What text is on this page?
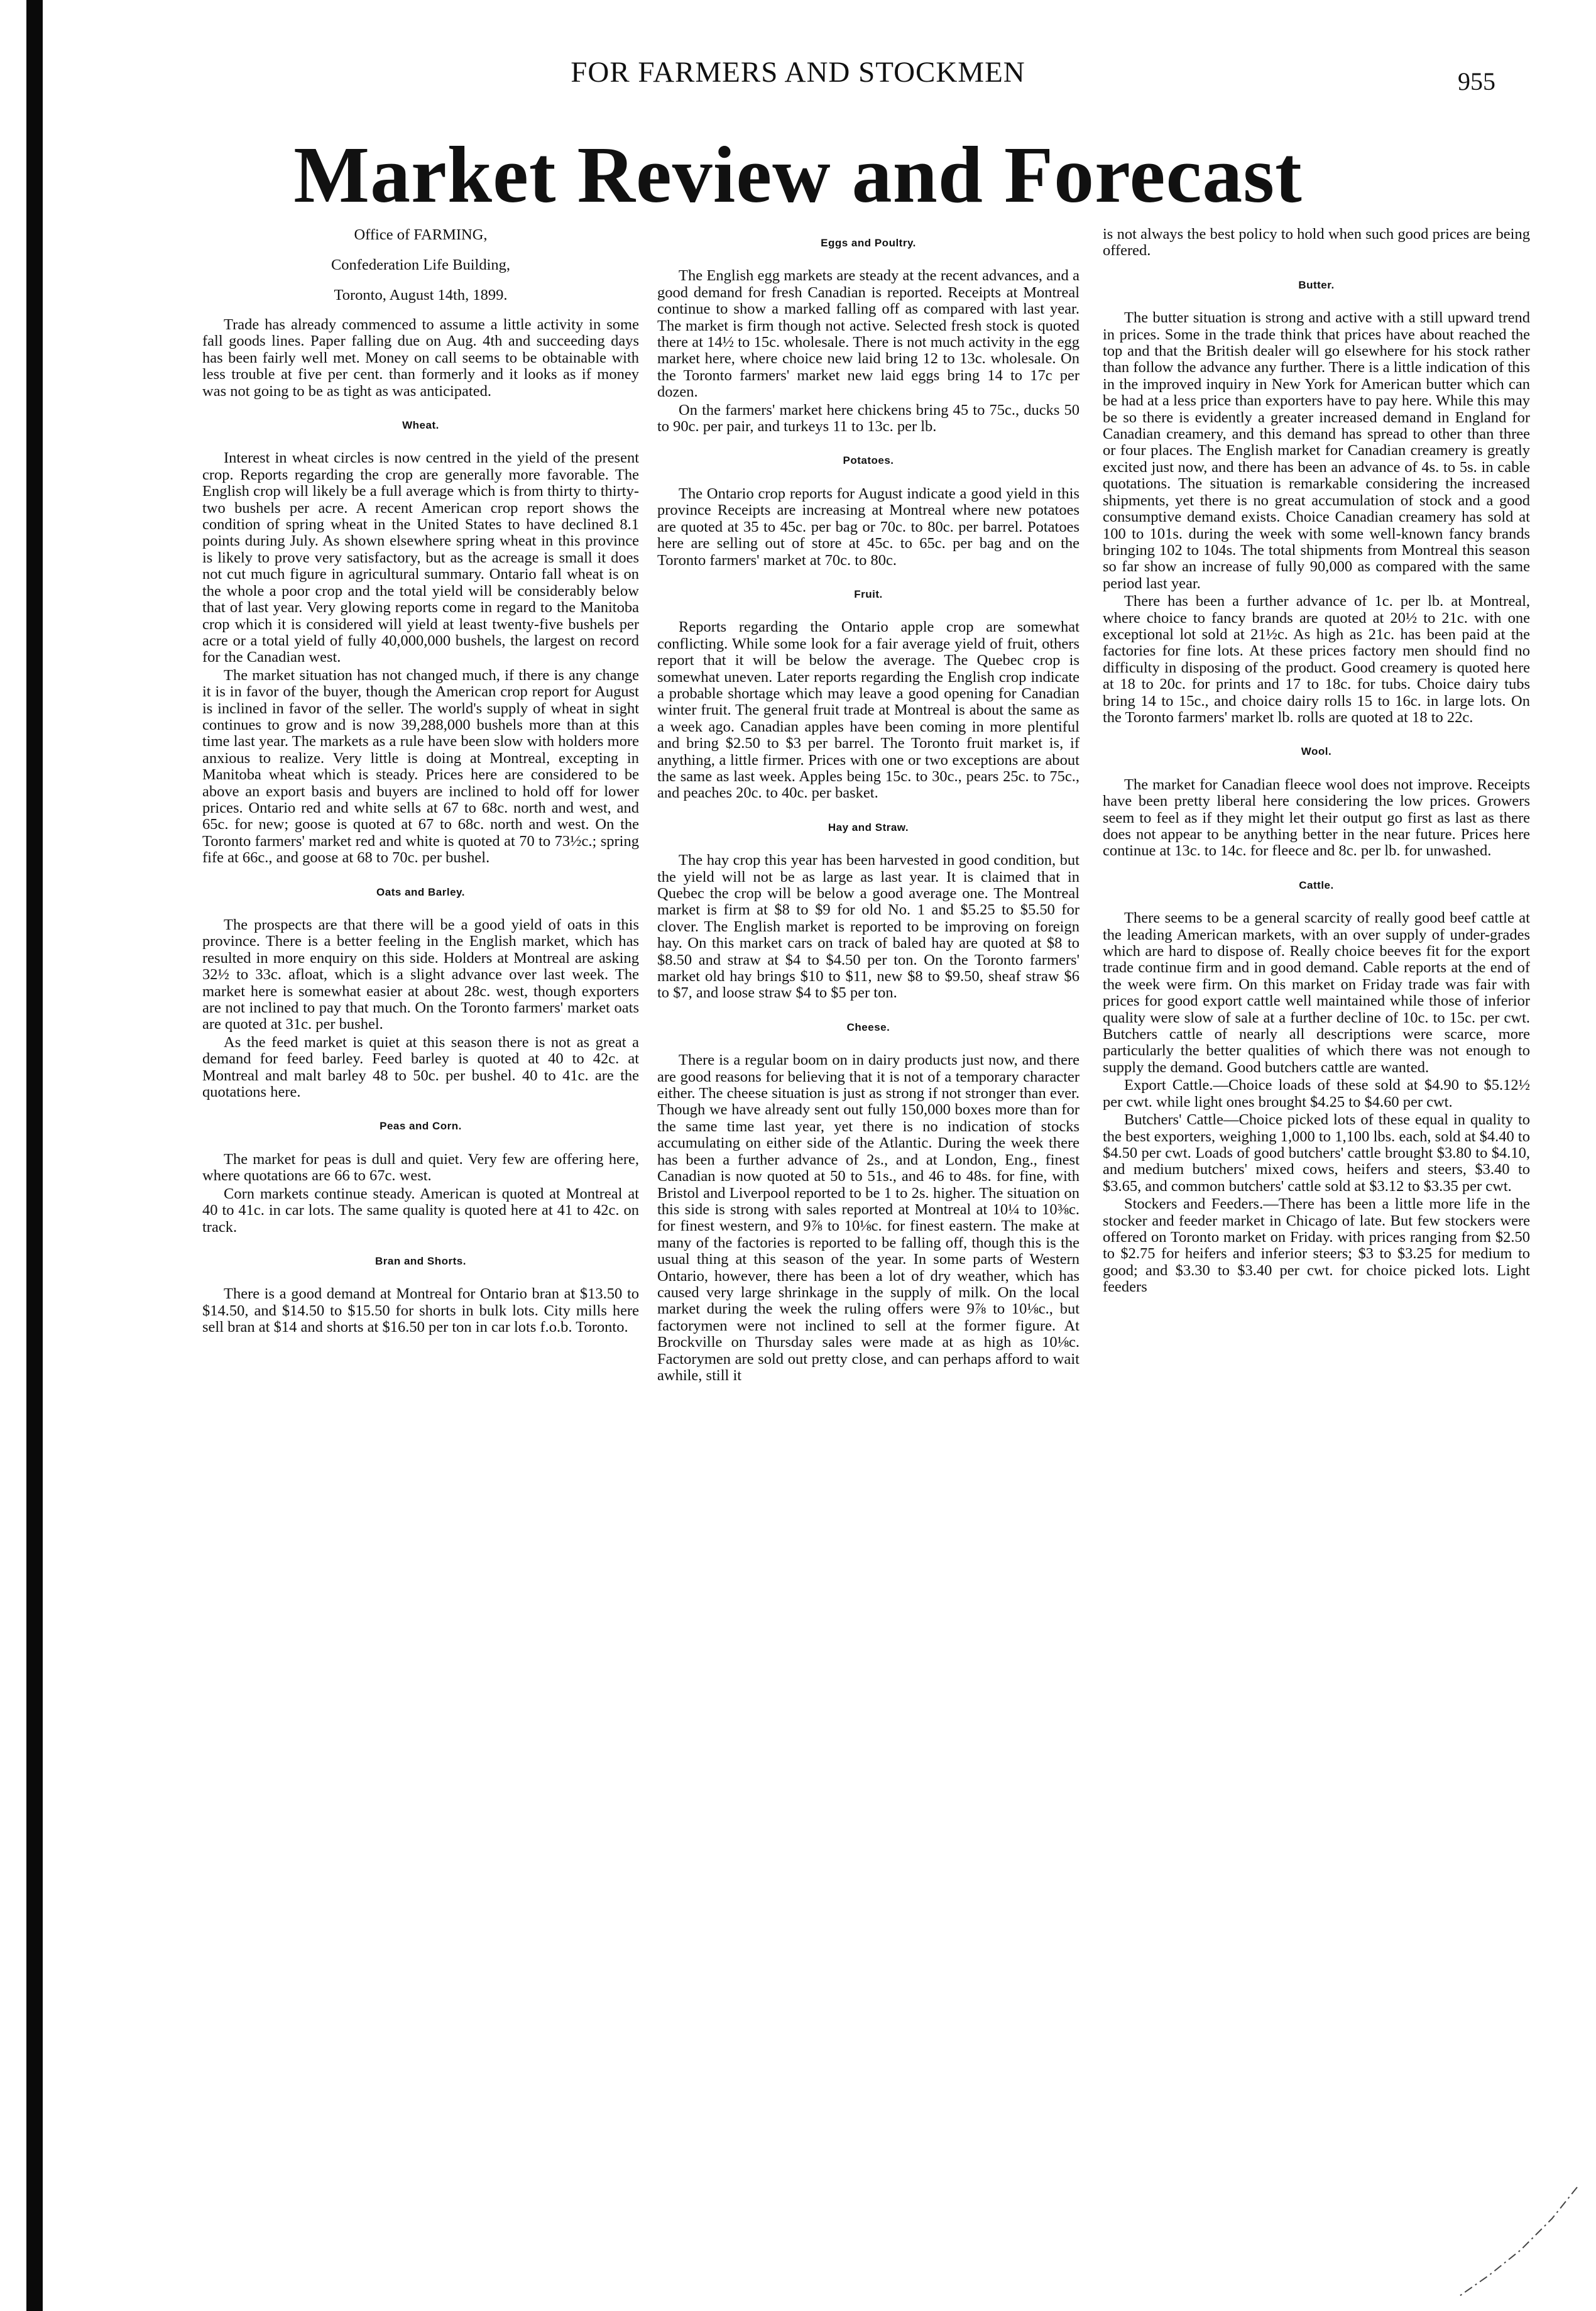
FOR FARMERS AND STOCKMEN	955
Market Review and Forecast
Office of FARMING,
Confederation Life Building,
Toronto, August 14th, 1899.

Trade has already commenced to assume a little activity in some fall goods lines. Paper falling due on Aug. 4th and succeeding days has been fairly well met. Money on call seems to be obtainable with less trouble at five per cent. than formerly and it looks as if money was not going to be as tight as was anticipated.

Wheat.

Interest in wheat circles is now centred in the yield of the present crop. Reports regarding the crop are generally more favorable. The English crop will likely be a full average which is from thirty to thirty-two bushels per acre. A recent American crop report shows the condition of spring wheat in the United States to have declined 8.1 points during July. As shown elsewhere spring wheat in this province is likely to prove very satisfactory, but as the acreage is small it does not cut much figure in agricultural summary. Ontario fall wheat is on the whole a poor crop and the total yield will be considerably below that of last year. Very glowing reports come in regard to the Manitoba crop which it is considered will yield at least twenty-five bushels per acre or a total yield of fully 40,000,000 bushels, the largest on record for the Canadian west.

The market situation has not changed much, if there is any change it is in favor of the buyer, though the American crop report for August is inclined in favor of the seller. The world's supply of wheat in sight continues to grow and is now 39,288,000 bushels more than at this time last year. The markets as a rule have been slow with holders more anxious to realize. Very little is doing at Montreal, excepting in Manitoba wheat which is steady. Prices here are considered to be above an export basis and buyers are inclined to hold off for lower prices. Ontario red and white sells at 67 to 68c. north and west, and 65c. for new; goose is quoted at 67 to 68c. north and west. On the Toronto farmers' market red and white is quoted at 70 to 73½c.; spring fife at 66c., and goose at 68 to 70c. per bushel.

Oats and Barley.

The prospects are that there will be a good yield of oats in this province. There is a better feeling in the English market, which has resulted in more enquiry on this side. Holders at Montreal are asking 32½ to 33c. afloat, which is a slight advance over last week. The market here is somewhat easier at about 28c. west, though exporters are not inclined to pay that much. On the Toronto farmers' market oats are quoted at 31c. per bushel.

As the feed market is quiet at this season there is not as great a demand for feed barley. Feed barley is quoted at 40 to 42c. at Montreal and malt barley 48 to 50c. per bushel. 40 to 41c. are the quotations here.

Peas and Corn.

The market for peas is dull and quiet. Very few are offering here, where quotations are 66 to 67c. west.

Corn markets continue steady. American is quoted at Montreal at 40 to 41c. in car lots. The same quality is quoted here at 41 to 42c. on track.

Bran and Shorts.

There is a good demand at Montreal for Ontario bran at $13.50 to $14.50, and $14.50 to $15.50 for shorts in bulk lots. City mills here sell bran at $14 and shorts at $16.50 per ton in car lots f.o.b. Toronto.

Eggs and Poultry.

The English egg markets are steady at the recent advances, and a good demand for fresh Canadian is reported. Receipts at Montreal continue to show a marked falling off as compared with last year. The market is firm though not active. Selected fresh stock is quoted there at 14½ to 15c. wholesale. There is not much activity in the egg market here, where choice new laid bring 12 to 13c. wholesale. On the Toronto farmers' market new laid eggs bring 14 to 17c per dozen.

On the farmers' market here chickens bring 45 to 75c., ducks 50 to 90c. per pair, and turkeys 11 to 13c. per lb.

Potatoes.

The Ontario crop reports for August indicate a good yield in this province Receipts are increasing at Montreal where new potatoes are quoted at 35 to 45c. per bag or 70c. to 80c. per barrel. Potatoes here are selling out of store at 45c. to 65c. per bag and on the Toronto farmers' market at 70c. to 80c.

Fruit.

Reports regarding the Ontario apple crop are somewhat conflicting. While some look for a fair average yield of fruit, others report that it will be below the average. The Quebec crop is somewhat uneven. Later reports regarding the English crop indicate a probable shortage which may leave a good opening for Canadian winter fruit. The general fruit trade at Montreal is about the same as a week ago. Canadian apples have been coming in more plentiful and bring $2.50 to $3 per barrel. The Toronto fruit market is, if anything, a little firmer. Prices with one or two exceptions are about the same as last week. Apples being 15c. to 30c., pears 25c. to 75c., and peaches 20c. to 40c. per basket.

Hay and Straw.

The hay crop this year has been harvested in good condition, but the yield will not be as large as last year. It is claimed that in Quebec the crop will be below a good average one. The Montreal market is firm at $8 to $9 for old No. 1 and $5.25 to $5.50 for clover. The English market is reported to be improving on foreign hay. On this market cars on track of baled hay are quoted at $8 to $8.50 and straw at $4 to $4.50 per ton. On the Toronto farmers' market old hay brings $10 to $11, new $8 to $9.50, sheaf straw $6 to $7, and loose straw $4 to $5 per ton.

Cheese.

There is a regular boom on in dairy products just now, and there are good reasons for believing that it is not of a temporary character either. The cheese situation is just as strong if not stronger than ever. Though we have already sent out fully 150,000 boxes more than for the same time last year, yet there is no indication of stocks accumulating on either side of the Atlantic. During the week there has been a further advance of 2s., and at London, Eng., finest Canadian is now quoted at 50 to 51s., and 46 to 48s. for fine, with Bristol and Liverpool reported to be 1 to 2s. higher. The situation on this side is strong with sales reported at Montreal at 10¼ to 10⅜c. for finest western, and 9⅞ to 10⅛c. for finest eastern. The make at many of the factories is reported to be falling off, though this is the usual thing at this season of the year. In some parts of Western Ontario, however, there has been a lot of dry weather, which has caused very large shrinkage in the supply of milk. On the local market during the week the ruling offers were 9⅞ to 10⅛c., but factorymen were not inclined to sell at the former figure. At Brockville on Thursday sales were made at as high as 10⅛c. Factorymen are sold out pretty close, and can perhaps afford to wait awhile, still it

is not always the best policy to hold when such good prices are being offered.

Butter.

The butter situation is strong and active with a still upward trend in prices. Some in the trade think that prices have about reached the top and that the British dealer will go elsewhere for his stock rather than follow the advance any further. There is a little indication of this in the improved inquiry in New York for American butter which can be had at a less price than exporters have to pay here. While this may be so there is evidently a greater increased demand in England for Canadian creamery, and this demand has spread to other than three or four places. The English market for Canadian creamery is greatly excited just now, and there has been an advance of 4s. to 5s. in cable quotations. The situation is remarkable considering the increased shipments, yet there is no great accumulation of stock and a good consumptive demand exists. Choice Canadian creamery has sold at 100 to 101s. during the week with some well-known fancy brands bringing 102 to 104s. The total shipments from Montreal this season so far show an increase of fully 90,000 as compared with the same period last year.

There has been a further advance of 1c. per lb. at Montreal, where choice to fancy brands are quoted at 20½ to 21c. with one exceptional lot sold at 21½c. As high as 21c. has been paid at the factories for fine lots. At these prices factory men should find no difficulty in disposing of the product. Good creamery is quoted here at 18 to 20c. for prints and 17 to 18c. for tubs. Choice dairy tubs bring 14 to 15c., and choice dairy rolls 15 to 16c. in large lots. On the Toronto farmers' market lb. rolls are quoted at 18 to 22c.

Wool.

The market for Canadian fleece wool does not improve. Receipts have been pretty liberal here considering the low prices. Growers seem to feel as if they might let their output go first as last as there does not appear to be anything better in the near future. Prices here continue at 13c. to 14c. for fleece and 8c. per lb. for unwashed.

Cattle.

There seems to be a general scarcity of really good beef cattle at the leading American markets, with an over supply of under-grades which are hard to dispose of. Really choice beeves fit for the export trade continue firm and in good demand. Cable reports at the end of the week were firm. On this market on Friday trade was fair with prices for good export cattle well maintained while those of inferior quality were slow of sale at a further decline of 10c. to 15c. per cwt. Butchers cattle of nearly all descriptions were scarce, more particularly the better qualities of which there was not enough to supply the demand. Good butchers cattle are wanted.

Export Cattle.—Choice loads of these sold at $4.90 to $5.12½ per cwt. while light ones brought $4.25 to $4.60 per cwt.

Butchers' Cattle—Choice picked lots of these equal in quality to the best exporters, weighing 1,000 to 1,100 lbs. each, sold at $4.40 to $4.50 per cwt. Loads of good butchers' cattle brought $3.80 to $4.10, and medium butchers' mixed cows, heifers and steers, $3.40 to $3.65, and common butchers' cattle sold at $3.12 to $3.35 per cwt.

Stockers and Feeders.—There has been a little more life in the stocker and feeder market in Chicago of late. But few stockers were offered on Toronto market on Friday. with prices ranging from $2.50 to $2.75 for heifers and inferior steers; $3 to $3.25 for medium to good; and $3.30 to $3.40 per cwt. for choice picked lots. Light feeders
